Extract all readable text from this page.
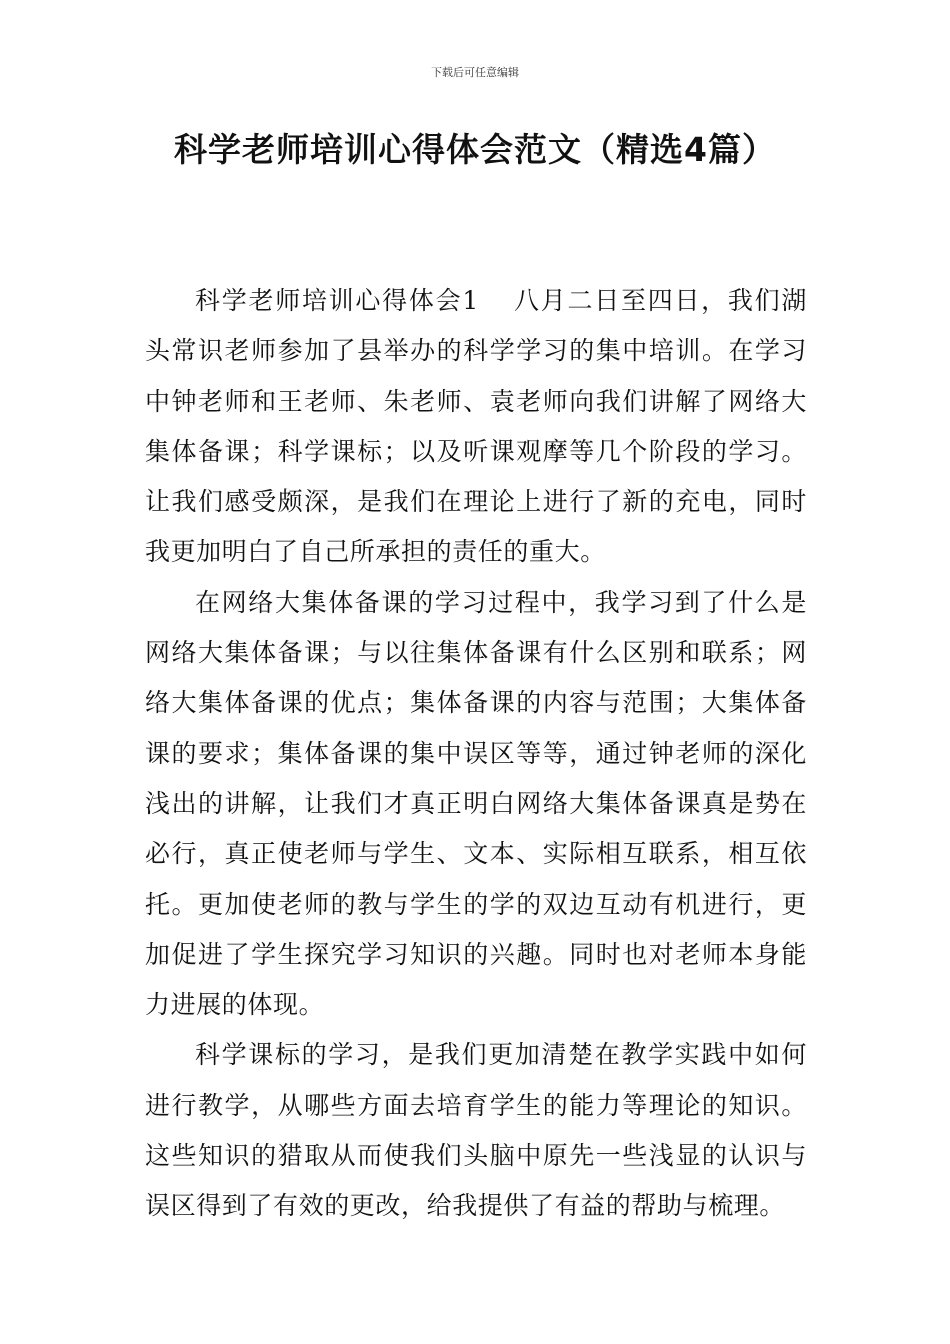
下载后可任意编辑
科学老师培训心得体会范文（精选4篇）

科学老师培训心得体会1 八月二日至四日，我们湖头常识老师参加了县举办的科学学习的集中培训。在学习中钟老师和王老师、朱老师、袁老师向我们讲解了网络大集体备课；科学课标；以及听课观摩等几个阶段的学习。让我们感受颇深，是我们在理论上进行了新的充电，同时我更加明白了自己所承担的责任的重大。

在网络大集体备课的学习过程中，我学习到了什么是网络大集体备课；与以往集体备课有什么区别和联系；网络大集体备课的优点；集体备课的内容与范围；大集体备课的要求；集体备课的集中误区等等，通过钟老师的深化浅出的讲解，让我们才真正明白网络大集体备课真是势在必行，真正使老师与学生、文本、实际相互联系，相互依托。更加使老师的教与学生的学的双边互动有机进行，更加促进了学生探究学习知识的兴趣。同时也对老师本身能力进展的体现。

科学课标的学习，是我们更加清楚在教学实践中如何进行教学，从哪些方面去培育学生的能力等理论的知识。这些知识的猎取从而使我们头脑中原先一些浅显的认识与误区得到了有效的更改，给我提供了有益的帮助与梳理。
